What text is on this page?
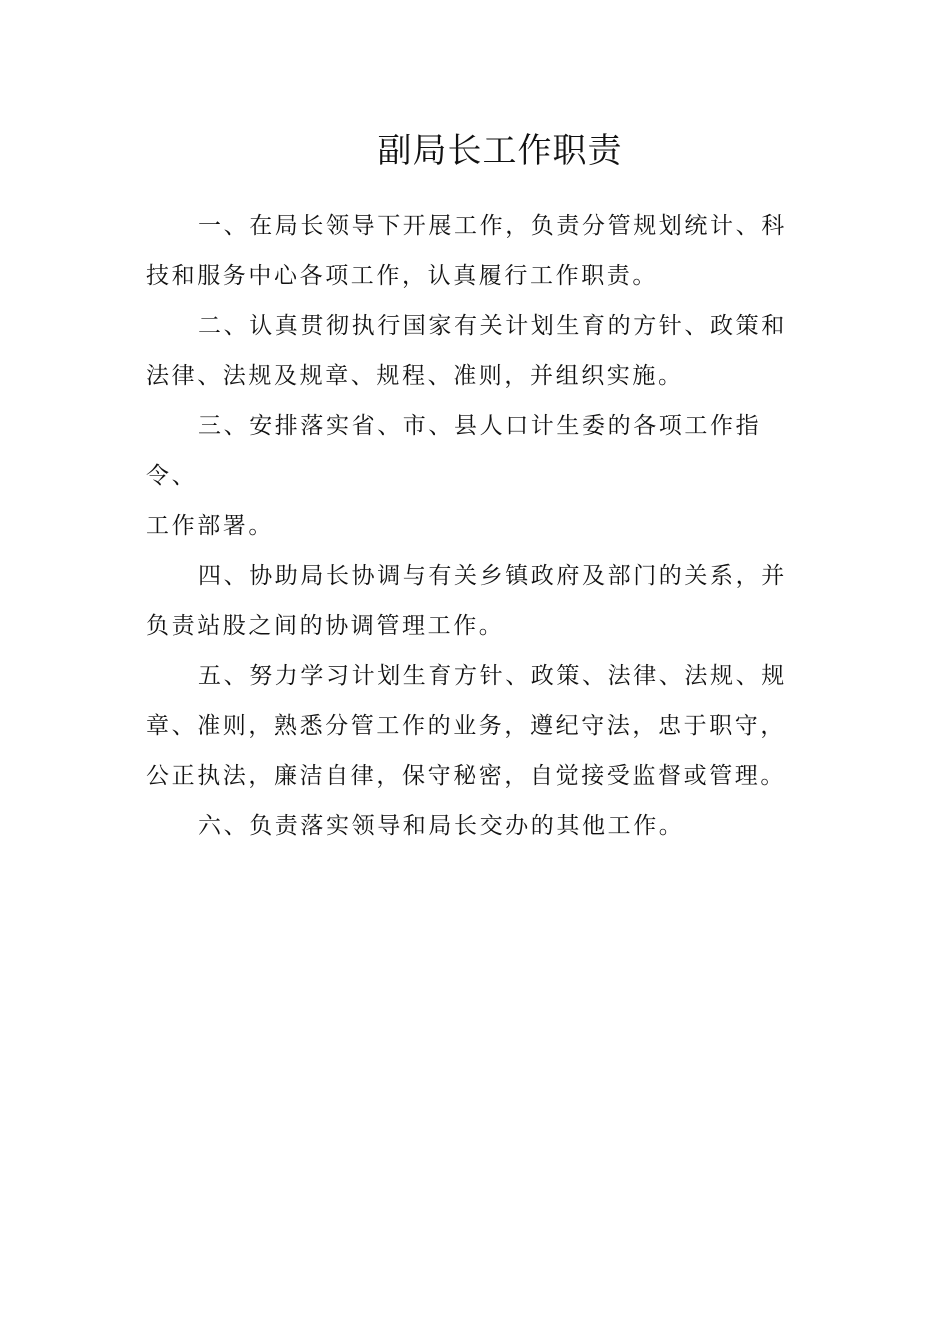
副局长工作职责

一、在局长领导下开展工作，负责分管规划统计、科
技和服务中心各项工作，认真履行工作职责。

二、认真贯彻执行国家有关计划生育的方针、政策和
法律、法规及规章、规程、准则，并组织实施。

三、安排落实省、市、县人口计生委的各项工作指令、
工作部署。

四、协助局长协调与有关乡镇政府及部门的关系，并
负责站股之间的协调管理工作。

五、努力学习计划生育方针、政策、法律、法规、规
章、准则，熟悉分管工作的业务，遵纪守法，忠于职守，
公正执法，廉洁自律，保守秘密，自觉接受监督或管理。

六、负责落实领导和局长交办的其他工作。
